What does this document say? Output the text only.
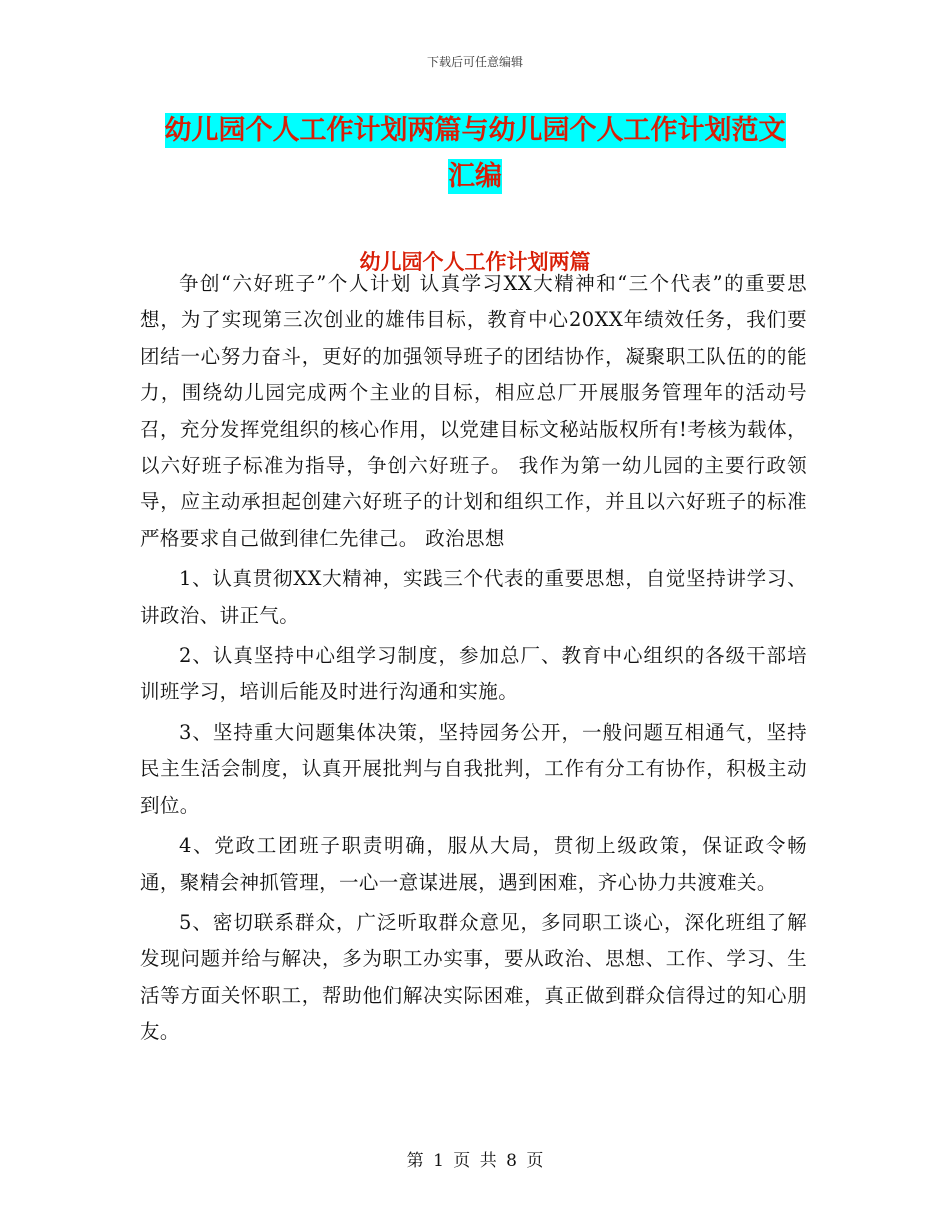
下载后可任意编辑
幼儿园个人工作计划两篇与幼儿园个人工作计划范文
汇编
幼儿园个人工作计划两篇

争创“六好班子”个人计划 认真学习XX大精神和“三个代表”的重要思想，为了实现第三次创业的雄伟目标，教育中心20XX年绩效任务，我们要团结一心努力奋斗，更好的加强领导班子的团结协作，凝聚职工队伍的的能力，围绕幼儿园完成两个主业的目标，相应总厂开展服务管理年的活动号召，充分发挥党组织的核心作用，以党建目标文秘站版权所有!考核为载体，以六好班子标准为指导，争创六好班子。 我作为第一幼儿园的主要行政领导，应主动承担起创建六好班子的计划和组织工作，并且以六好班子的标准严格要求自己做到律仁先律己。 政治思想

1、认真贯彻XX大精神，实践三个代表的重要思想，自觉坚持讲学习、讲政治、讲正气。

2、认真坚持中心组学习制度，参加总厂、教育中心组织的各级干部培训班学习，培训后能及时进行沟通和实施。

3、坚持重大问题集体决策，坚持园务公开，一般问题互相通气，坚持民主生活会制度，认真开展批判与自我批判，工作有分工有协作，积极主动到位。

4、党政工团班子职责明确，服从大局，贯彻上级政策，保证政令畅通，聚精会神抓管理，一心一意谋进展，遇到困难，齐心协力共渡难关。

5、密切联系群众，广泛听取群众意见，多同职工谈心，深化班组了解发现问题并给与解决，多为职工办实事，要从政治、思想、工作、学习、生活等方面关怀职工，帮助他们解决实际困难，真正做到群众信得过的知心朋友。

第 1 页 共 8 页
